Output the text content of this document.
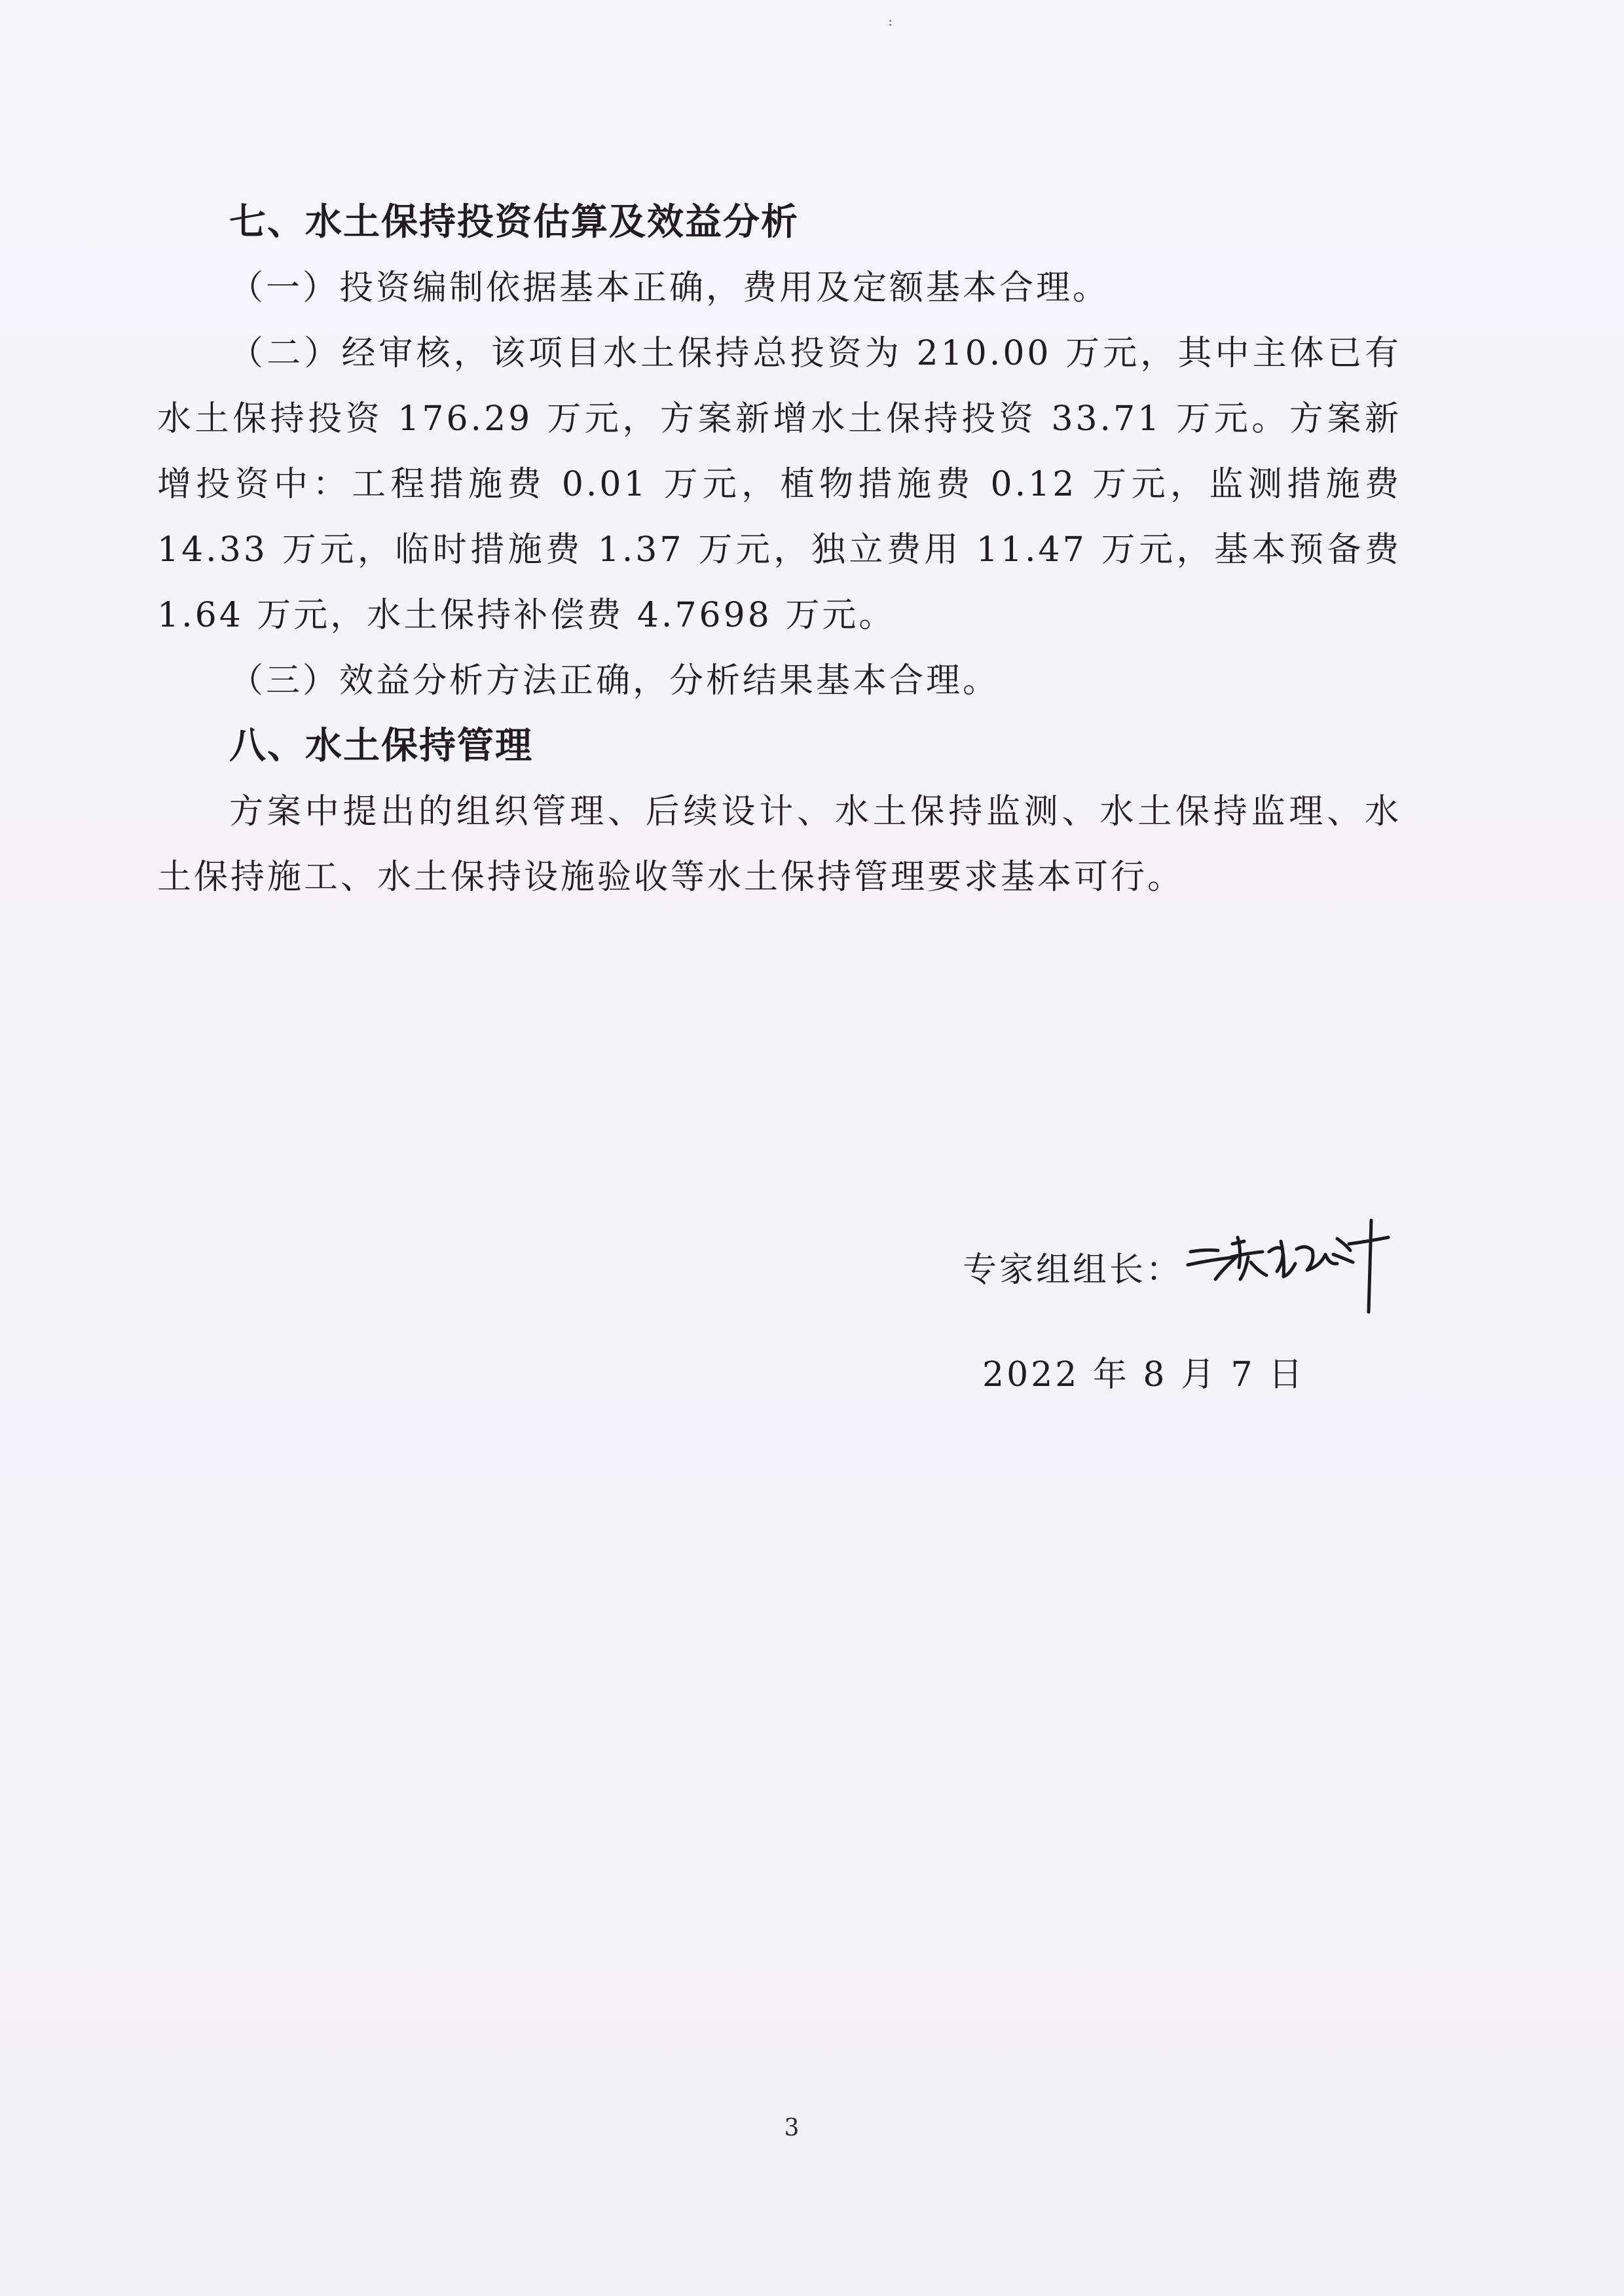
:
七、水土保持投资估算及效益分析

（一）投资编制依据基本正确，费用及定额基本合理。

（二）经审核，该项目水土保持总投资为 210.00 万元，其中主体已有水土保持投资 176.29 万元，方案新增水土保持投资 33.71 万元。方案新增投资中：工程措施费 0.01 万元，植物措施费 0.12 万元，监测措施费 14.33 万元，临时措施费 1.37 万元，独立费用 11.47 万元，基本预备费 1.64 万元，水土保持补偿费 4.7698 万元。

（三）效益分析方法正确，分析结果基本合理。

八、水土保持管理

方案中提出的组织管理、后续设计、水土保持监测、水土保持监理、水土保持施工、水土保持设施验收等水土保持管理要求基本可行。

专家组组长：
2022 年 8 月 7 日
3
